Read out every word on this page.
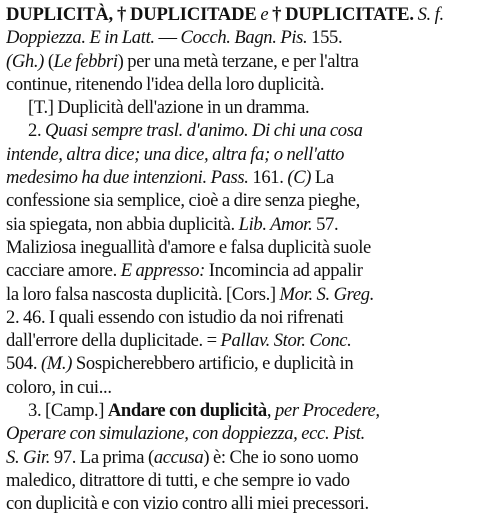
DUPLICITÀ, † DUPLICITADE e † DUPLICITATE. S. f.
Doppiezza. E in Latt. — Cocch. Bagn. Pis. 155.
(Gh.) (Le febbri) per una metà terzane, e per l'altra
continue, ritenendo l'idea della loro duplicità.
[T.] Duplicità dell'azione in un dramma.
2. Quasi sempre trasl. d'animo. Di chi una cosa
intende, altra dice; una dice, altra fa; o nell'atto
medesimo ha due intenzioni. Pass. 161. (C) La
confessione sia semplice, cioè a dire senza pieghe,
sia spiegata, non abbia duplicità. Lib. Amor. 57.
Maliziosa ineguallità d'amore e falsa duplicità suole
cacciare amore. E appresso: Incomincia ad appalir
la loro falsa nascosta duplicità. [Cors.] Mor. S. Greg.
2. 46. I quali essendo con istudio da noi rifrenati
dall'errore della duplicitade. = Pallav. Stor. Conc.
504. (M.) Sospicherebbero artificio, e duplicità in
coloro, in cui...
3. [Camp.] Andare con duplicità, per Procedere,
Operare con simulazione, con doppiezza, ecc. Pist.
S. Gir. 97. La prima (accusa) è: Che io sono uomo
maledico, ditrattore di tutti, e che sempre io vado
con duplicità e con vizio contro alli miei precessori.
